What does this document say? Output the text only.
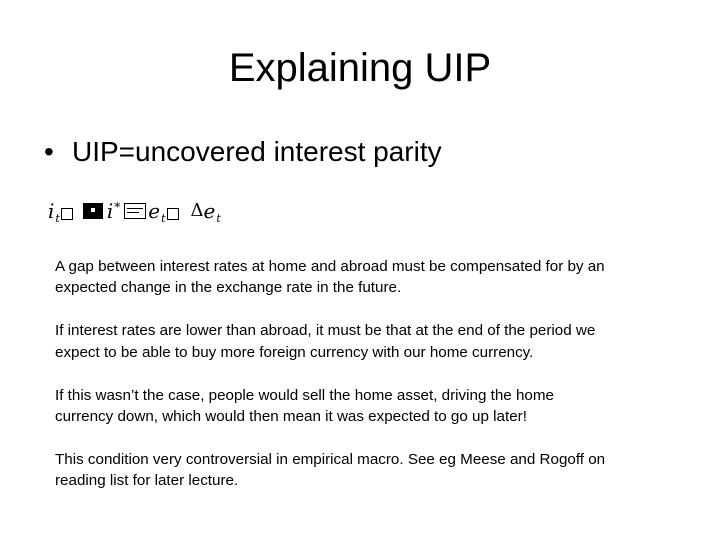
Explaining UIP
• UIP=uncovered interest parity
i t i * e t Δ e t

A gap between interest rates at home and abroad must be compensated for by an expected change in the exchange rate in the future.

If interest rates are lower than abroad, it must be that at the end of the period we expect to be able to buy more foreign currency with our home currency.

If this wasn’t the case, people would sell the home asset, driving the home currency down, which would then mean it was expected to go up later!

This condition very controversial in empirical macro. See eg Meese and Rogoff on reading list for later lecture.
